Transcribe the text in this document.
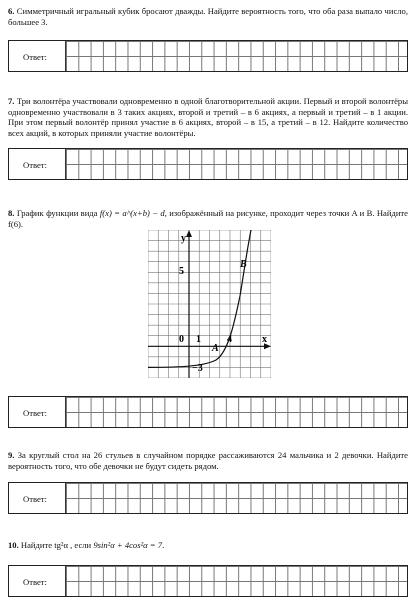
6. Симметричный игральный кубик бросают дважды. Найдите вероятность того, что оба раза выпало число, большее 3.
Ответ:
7. Три волонтёра участвовали одновременно в одной благотворительной акции. Первый и второй волонтёры одновременно участвовали в 3 таких акциях, второй и третий – в 6 акциях, а первый и третий – в 1 акции. При этом первый волонтёр принял участие в 6 акциях, второй – в 15, а третий – в 12. Найдите количество всех акций, в которых приняли участие волонтёры.
Ответ:
8. График функции вида f(x) = a^(x+b) − d, изображённый на рисунке, проходит через точки A и B. Найдите f(6).
y
x
5
0 1	4
−3
A
B
Ответ:
9. За круглый стол на 26 стульев в случайном порядке рассаживаются 24 мальчика и 2 девочки. Найдите вероятность того, что обе девочки не будут сидеть рядом.
Ответ:
10. Найдите tg²α , если 9sin²α + 4cos²α = 7.
Ответ:
